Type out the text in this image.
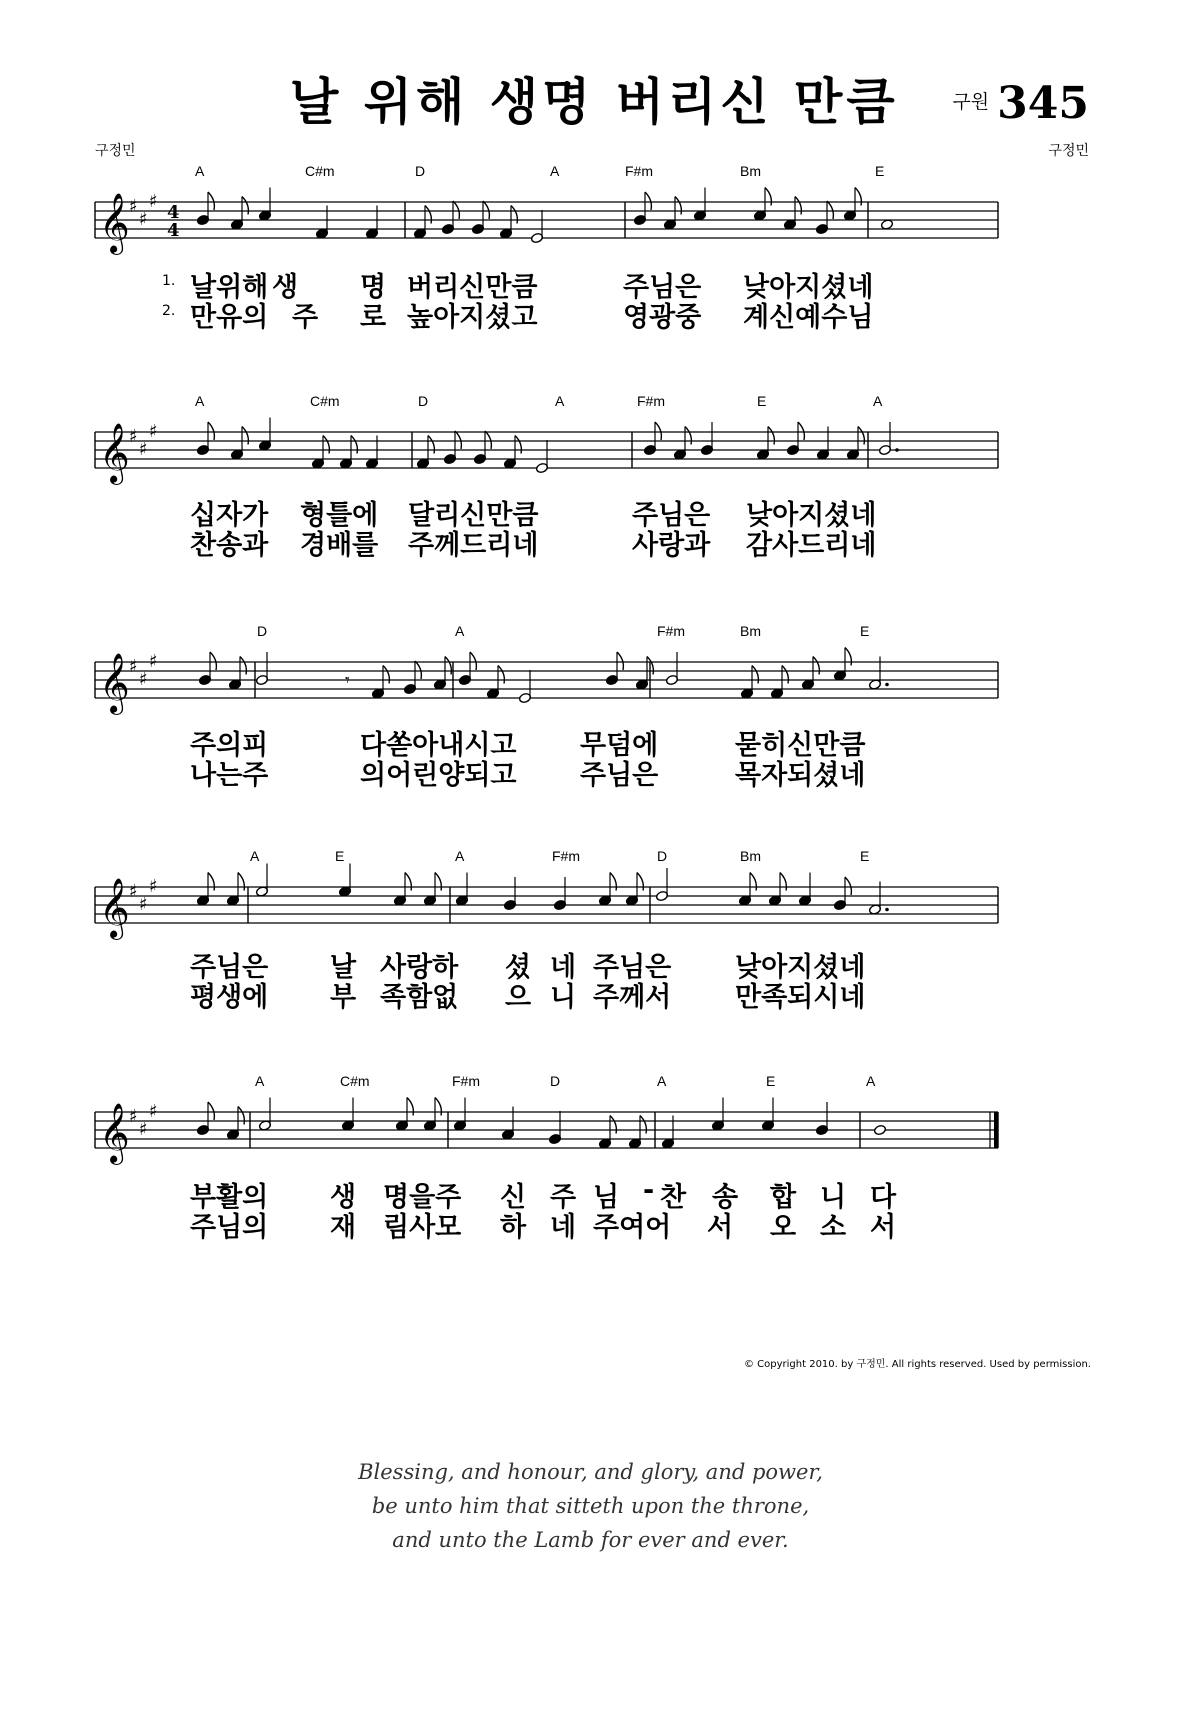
날 위해 생명 버리신 만큼	구원 345
구정민	구정민
𝄞 ♯
♯
♯
4
4
A	C#m	D	A	F#m	Bm	E
𝄞 ♯
♯
♯
A	C#m	D	A	F#m	E	A
𝄞 ♯
♯
♯
𝄾
D	A	F#m	Bm	E
𝄞 ♯
♯
♯
A	E	A	F#m	D	Bm	E
𝄞 ♯
♯
♯
A	C#m	F#m	D	A	E	A
© Copyright 2010. by 구정민. All rights reserved. Used by permission.
Blessing, and honour, and glory, and power,
be unto him that sitteth upon the throne,
and unto the Lamb for ever and ever.
1. 날위해 생 명 버리신만큼	주님은 낮아지셨네
2. 만유의 주 로 높아지셨고	영광중 계신예수님
십자가 형틀에 달리신만큼	주님은 낮아지셨네
찬송과 경배를 주께드리네	사랑과 감사드리네
주의피	다쏟아내시고 무덤에	묻히신만큼
나는주	의어린양되고 주님은	목자되셨네
주님은 날 사랑하 셨 네 주님은 낮아지셨네
평생에 부 족함없 으 니 주께서 만족되시네
부활의 생 명을주 신 주 님 - 찬 송 합 니 다
주님의 재 림사모 하 네 주여어 서 오 소 서
